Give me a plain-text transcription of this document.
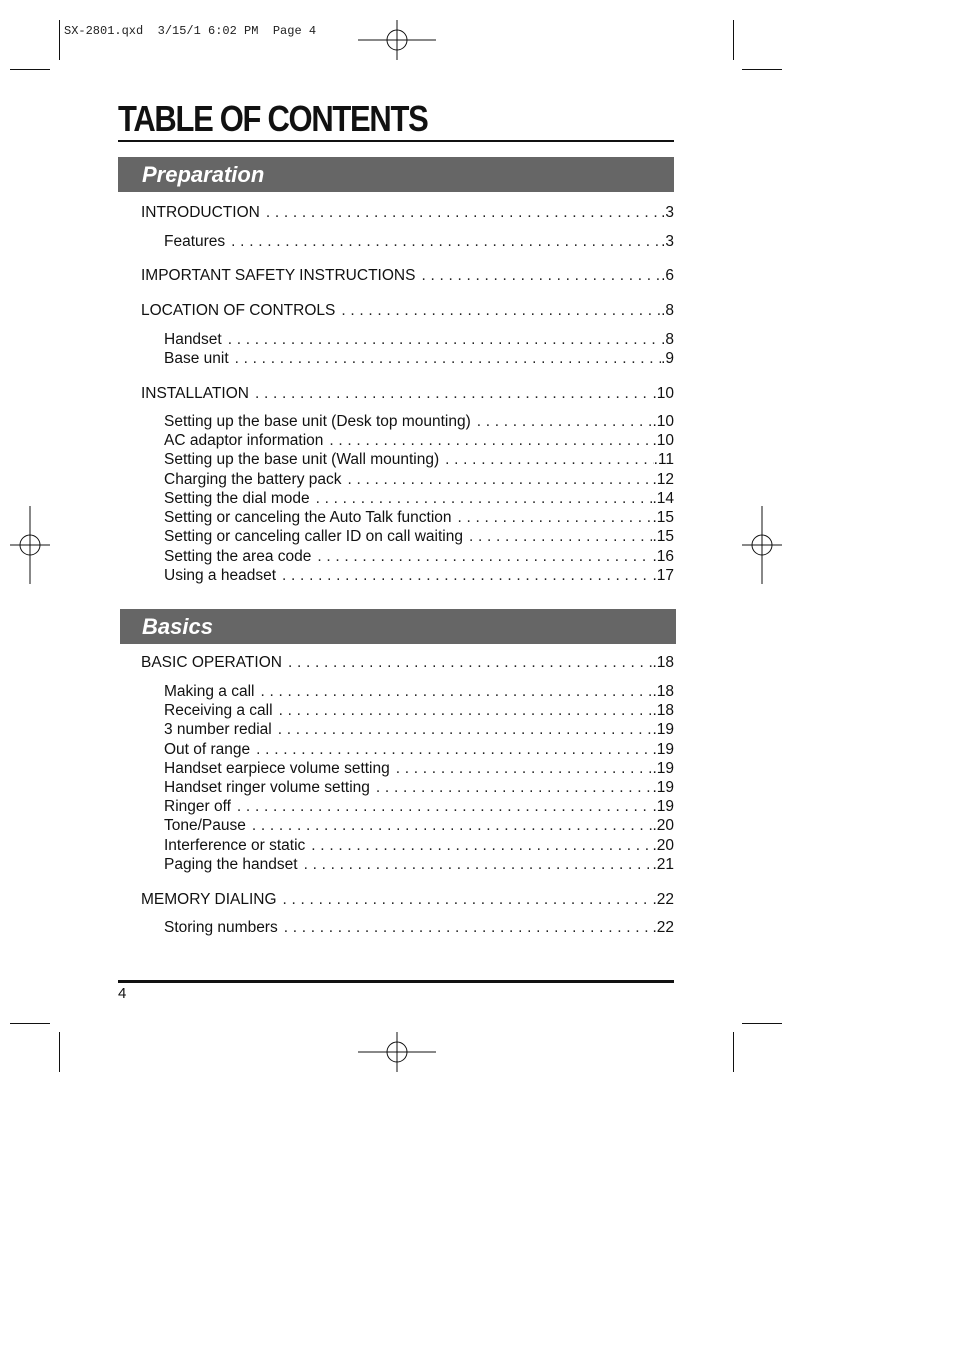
SX-2801.qxd  3/15/1 6:02 PM  Page 4
TABLE OF CONTENTS
Preparation
INTRODUCTION . . .	.3
Features . . .	.3
IMPORTANT SAFETY INSTRUCTIONS . . .	.6
LOCATION OF CONTROLS . . .	.8
Handset . . .	.8
Base unit . . .	.9
INSTALLATION . . .	.10
Setting up the base unit (Desk top mounting) . . .	.10
AC adaptor information . . .	.10
Setting up the base unit (Wall mounting) . . .	.11
Charging the battery pack . . .	.12
Setting the dial mode . . .	.14
Setting or canceling the Auto Talk function . . .	.15
Setting or canceling caller ID on call waiting . . .	.15
Setting the area code . . .	.16
Using a headset . . .	.17
Basics
BASIC OPERATION . . .	.18
Making a call . . .	.18
Receiving a call . . .	.18
3 number redial . . .	.19
Out of range . . .	.19
Handset earpiece volume setting . . .	.19
Handset ringer volume setting . . .	.19
Ringer off . . .	.19
Tone/Pause . . .	.20
Interference or static . . .	.20
Paging the handset . . .	.21
MEMORY DIALING . . .	.22
Storing numbers . . .	.22
4
